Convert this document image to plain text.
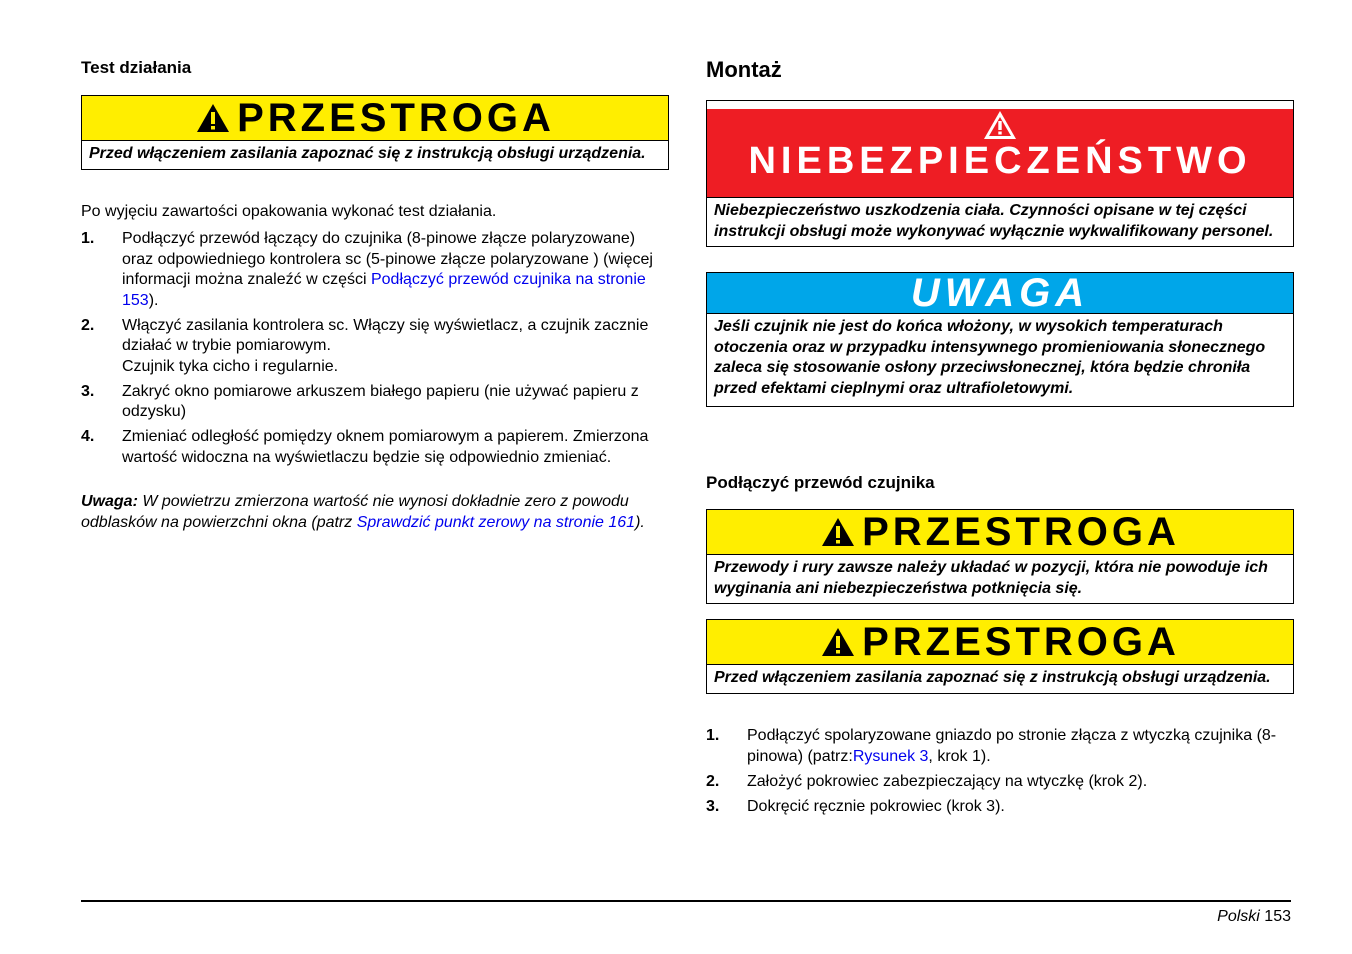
Test działania
PRZESTROGA
Przed włączeniem zasilania zapoznać się z instrukcją obsługi urządzenia.
Po wyjęciu zawartości opakowania wykonać test działania.
1. Podłączyć przewód łączący do czujnika (8-pinowe złącze polaryzowane) oraz odpowiedniego kontrolera sc (5-pinowe złącze polaryzowane ) (więcej informacji można znaleźć w części Podłączyć przewód czujnika na stronie 153).
2. Włączyć zasilania kontrolera sc. Włączy się wyświetlacz, a czujnik zacznie działać w trybie pomiarowym.
Czujnik tyka cicho i regularnie.
3. Zakryć okno pomiarowe arkuszem białego papieru (nie używać papieru z odzysku)
4. Zmieniać odległość pomiędzy oknem pomiarowym a papierem. Zmierzona wartość widoczna na wyświetlaczu będzie się odpowiednio zmieniać.
Uwaga: W powietrzu zmierzona wartość nie wynosi dokładnie zero z powodu odblasków na powierzchni okna (patrz Sprawdzić punkt zerowy na stronie 161).
Montaż
NIEBEZPIECZEŃSTWO
Niebezpieczeństwo uszkodzenia ciała. Czynności opisane w tej części instrukcji obsługi może wykonywać wyłącznie wykwalifikowany personel.
UWAGA
Jeśli czujnik nie jest do końca włożony, w wysokich temperaturach otoczenia oraz w przypadku intensywnego promieniowania słonecznego zaleca się stosowanie osłony przeciwsłonecznej, która będzie chroniła przed efektami cieplnymi oraz ultrafioletowymi.
Podłączyć przewód czujnika
PRZESTROGA
Przewody i rury zawsze należy układać w pozycji, która nie powoduje ich wyginania ani niebezpieczeństwa potknięcia się.
PRZESTROGA
Przed włączeniem zasilania zapoznać się z instrukcją obsługi urządzenia.
1. Podłączyć spolaryzowane gniazdo po stronie złącza z wtyczką czujnika (8-pinowa) (patrz:Rysunek 3, krok 1).
2. Założyć pokrowiec zabezpieczający na wtyczkę (krok 2).
3. Dokręcić ręcznie pokrowiec (krok 3).
Polski 153
